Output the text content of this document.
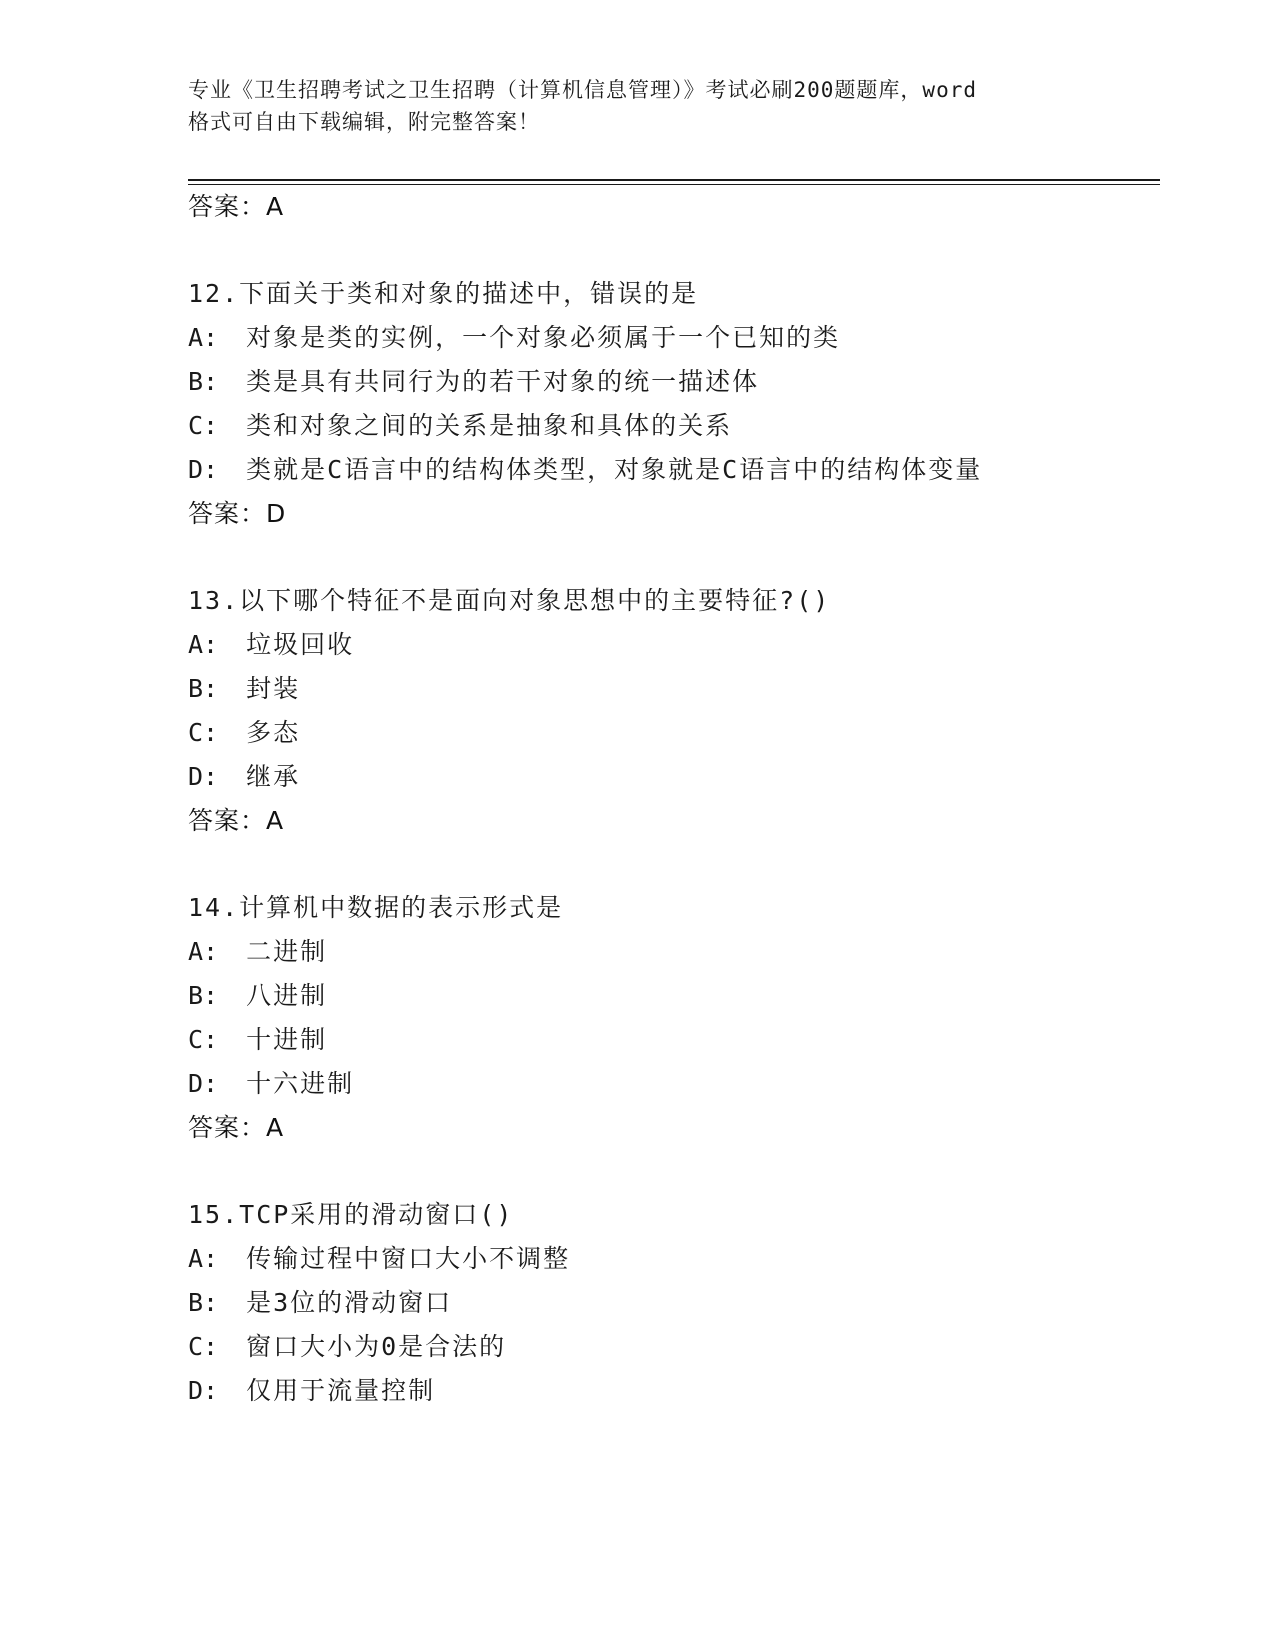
专业《卫生招聘考试之卫生招聘（计算机信息管理）》考试必刷200题题库，word
格式可自由下载编辑，附完整答案！
答案：A
12.下面关于类和对象的描述中，错误的是
A: 对象是类的实例，一个对象必须属于一个已知的类
B: 类是具有共同行为的若干对象的统一描述体
C: 类和对象之间的关系是抽象和具体的关系
D: 类就是C语言中的结构体类型，对象就是C语言中的结构体变量
答案：D
13.以下哪个特征不是面向对象思想中的主要特征?()
A: 垃圾回收
B: 封装
C: 多态
D: 继承
答案：A
14.计算机中数据的表示形式是
A: 二进制
B: 八进制
C: 十进制
D: 十六进制
答案：A
15.TCP采用的滑动窗口()
A: 传输过程中窗口大小不调整
B: 是3位的滑动窗口
C: 窗口大小为0是合法的
D: 仅用于流量控制
